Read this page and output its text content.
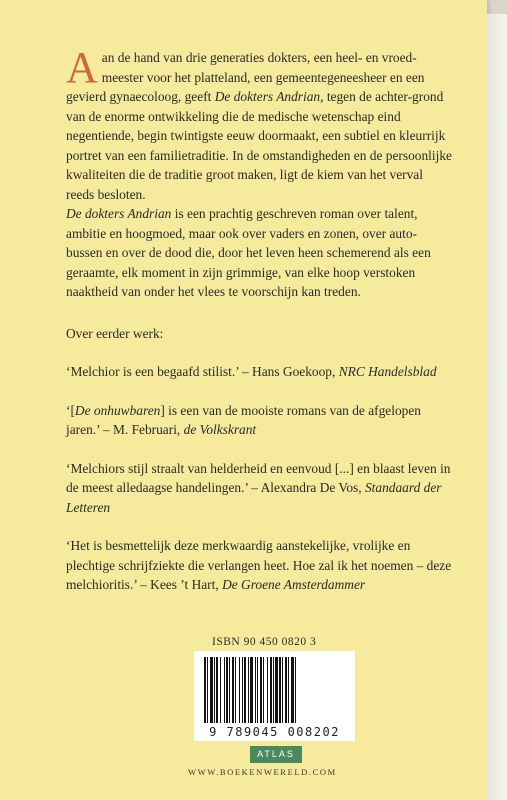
Aan de hand van drie generaties dokters, een heel- en vroed-meester voor het platteland, een gemeentegeneesheer en een gevierd gynaecoloog, geeft De dokters Andrian, tegen de achter-grond van de enorme ontwikkeling die de medische wetenschap eind negentiende, begin twintigste eeuw doormaakt, een subtiel en kleurrijk portret van een familietraditie. In de omstandigheden en de persoonlijke kwaliteiten die de traditie groot maken, ligt de kiem van het verval reeds besloten.

De dokters Andrian is een prachtig geschreven roman over talent, ambitie en hoogmoed, maar ook over vaders en zonen, over auto-bussen en over de dood die, door het leven heen schemerend als een geraamte, elk moment in zijn grimmige, van elke hoop verstoken naaktheid van onder het vlees te voorschijn kan treden.

Over eerder werk:

‘Melchior is een begaafd stilist.’ – Hans Goekoop, NRC Handelsblad

‘[De onhuwbaren] is een van de mooiste romans van de afgelopen jaren.’ – M. Februari, de Volkskrant

‘Melchiors stijl straalt van helderheid en eenvoud [...] en blaast leven in de meest alledaagse handelingen.’ – Alexandra De Vos, Standaard der Letteren

‘Het is besmettelijk deze merkwaardig aanstekelijke, vrolijke en plechtige schrijfziekte die verlangen heet. Hoe zal ik het noemen – deze melchioritis.’ – Kees ’t Hart, De Groene Amsterdammer

ISBN 90 450 0820 3
9 789045 008202
ATLAS
WWW.BOEKENWERELD.COM
